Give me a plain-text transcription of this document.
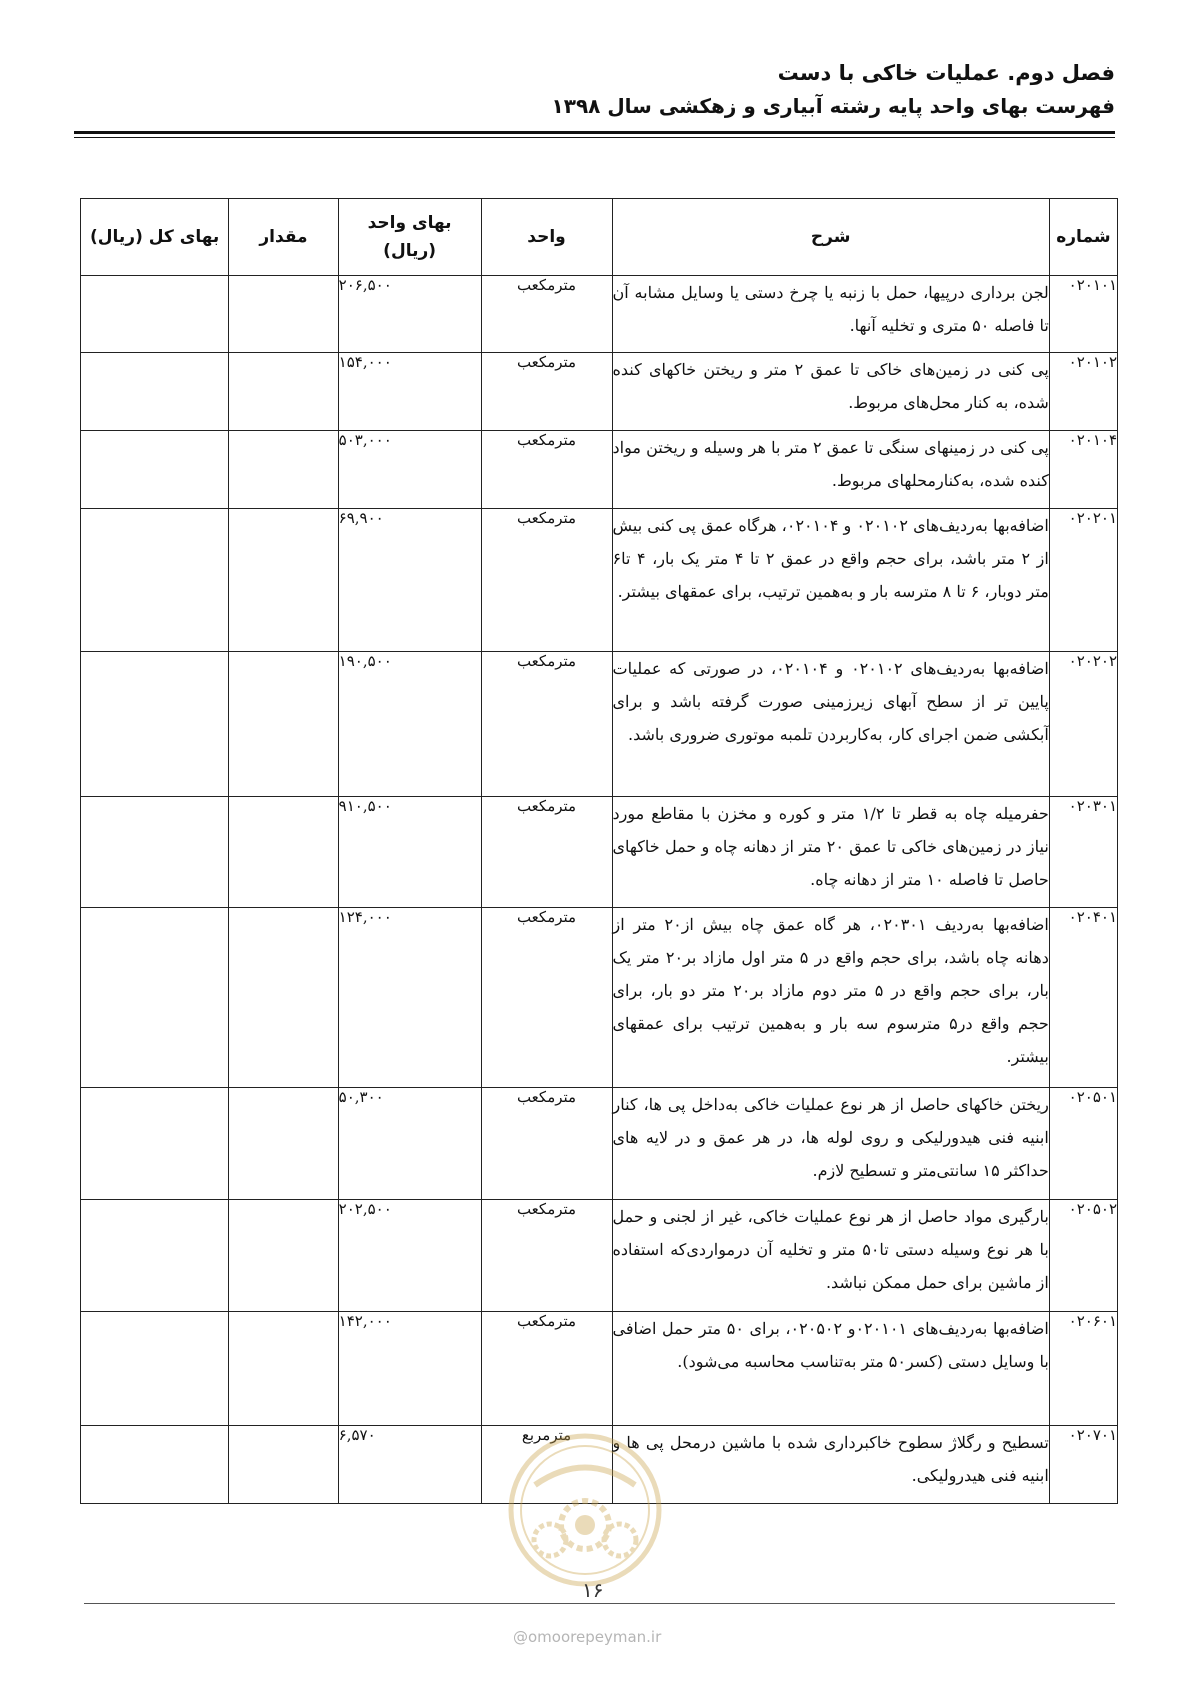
فصل دوم. عملیات خاکی با دست
فهرست بهای واحد پایه رشته آبیاری و زهکشی سال ۱۳۹۸
شماره	شرح	واحد	بهای واحد (ریال)	مقدار	بهای کل (ریال)
۰۲۰۱۰۱	لجن برداری درپیها، حمل با زنبه یا چرخ دستی یا وسایل مشابه آن تا فاصله ۵۰ متری و تخلیه آنها.	مترمکعب	۲۰۶,۵۰۰		
۰۲۰۱۰۲	پی کنی در زمین‌های خاکی تا عمق ۲ متر و ریختن خاکهای کنده شده، به کنار محل‌های مربوط.	مترمکعب	۱۵۴,۰۰۰		
۰۲۰۱۰۴	پی کنی در زمینهای سنگی تا عمق ۲ متر با هر وسیله و ریختن مواد کنده شده، به‌کنارمحلهای مربوط.	مترمکعب	۵۰۳,۰۰۰		
۰۲۰۲۰۱	اضافه‌بها به‌ردیف‌های ۰۲۰۱۰۲ و ۰۲۰۱۰۴، هرگاه عمق پی کنی بیش از ۲ متر باشد، برای حجم واقع در عمق ۲ تا ۴ متر یک بار، ۴ تا۶ متر دوبار، ۶ تا ۸ مترسه بار و به‌همین ترتیب، برای عمقهای بیشتر.	مترمکعب	۶۹,۹۰۰		
۰۲۰۲۰۲	اضافه‌بها به‌ردیف‌های ۰۲۰۱۰۲ و ۰۲۰۱۰۴، در صورتی که عملیات پایین تر از سطح آبهای زیرزمینی صورت گرفته باشد و برای آبکشی ضمن اجرای کار، به‌کاربردن تلمبه موتوری ضروری باشد.	مترمکعب	۱۹۰,۵۰۰		
۰۲۰۳۰۱	حفرمیله چاه به قطر تا ۱/۲ متر و کوره و مخزن با مقاطع مورد نیاز در زمین‌های خاکی تا عمق ۲۰ متر از دهانه چاه و حمل خاکهای حاصل تا فاصله ۱۰ متر از دهانه چاه.	مترمکعب	۹۱۰,۵۰۰		
۰۲۰۴۰۱	اضافه‌بها به‌ردیف ۰۲۰۳۰۱، هر گاه عمق چاه بیش از۲۰ متر از دهانه چاه باشد، برای حجم واقع در ۵ متر اول مازاد بر۲۰ متر یک بار، برای حجم واقع در ۵ متر دوم مازاد بر۲۰ متر دو بار، برای حجم واقع در۵ مترسوم سه بار و به‌همین ترتیب برای عمقهای بیشتر.	مترمکعب	۱۲۴,۰۰۰		
۰۲۰۵۰۱	ریختن خاکهای حاصل از هر نوع عملیات خاکی به‌داخل پی ها، کنار ابنیه فنی هیدورلیکی و روی لوله ها، در هر عمق و در لایه های حداکثر ۱۵ سانتی‌متر و تسطیح لازم.	مترمکعب	۵۰,۳۰۰		
۰۲۰۵۰۲	بارگیری مواد حاصل از هر نوع عملیات خاکی، غیر از لجنی و حمل با هر نوع وسیله دستی تا۵۰ متر و تخلیه آن درمواردی‌که استفاده از ماشین برای حمل ممکن نباشد.	مترمکعب	۲۰۲,۵۰۰		
۰۲۰۶۰۱	اضافه‌بها به‌ردیف‌های ۰۲۰۱۰۱و ۰۲۰۵۰۲، برای ۵۰ متر حمل اضافی با وسایل دستی (کسر۵۰ متر به‌تناسب محاسبه می‌شود).	مترمکعب	۱۴۲,۰۰۰		
۰۲۰۷۰۱	تسطیح و رگلاژ سطوح خاکبرداری شده با ماشین درمحل پی ها و ابنیه فنی هیدرولیکی.	مترمربع	۶,۵۷۰		
۱۶
@omoorepeyman.ir
